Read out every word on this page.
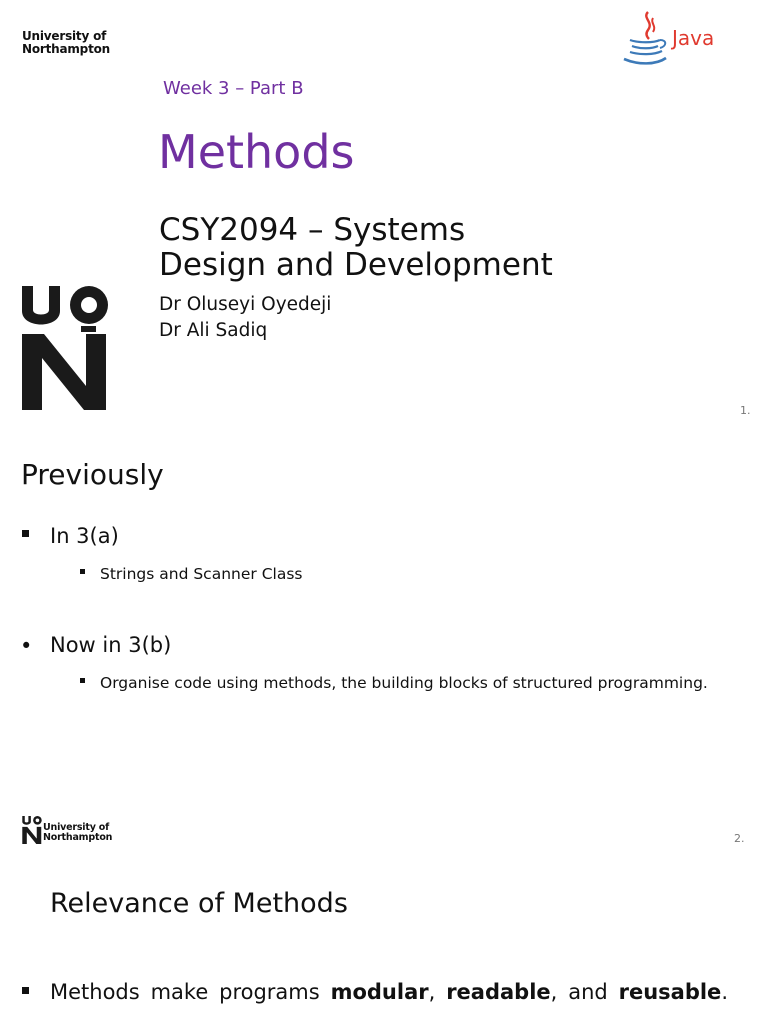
University of
Northampton	Java
Week 3 – Part B
Methods
CSY2094 – Systems
Design and Development
Dr Oluseyi Oyedeji
Dr Ali Sadiq
1.
Previously
In 3(a)
Strings and Scanner Class
• Now in 3(b)
Organise code using methods, the building blocks of structured programming.
University of
Northampton	2.
Relevance of Methods
Methods make programs modular, readable, and reusable.
